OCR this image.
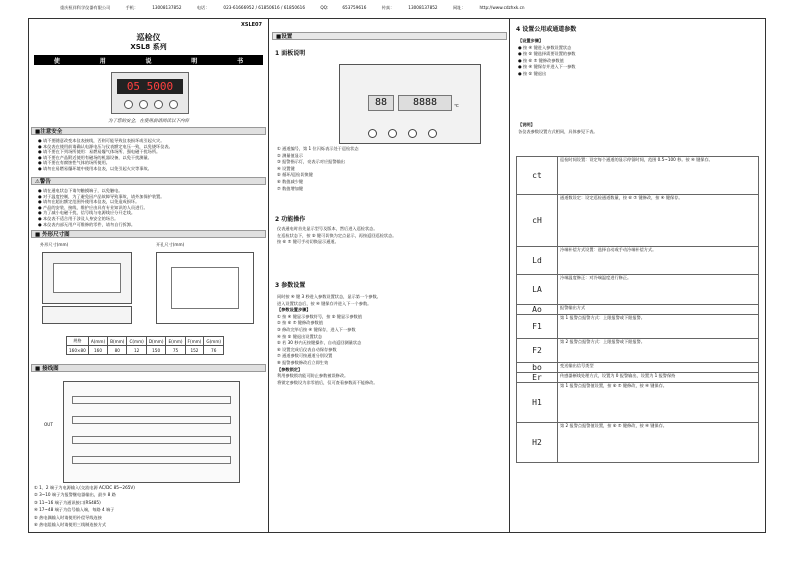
重庆桓祥科学仪器有限公司	手机：	13008137852	电话：	023-61666952 / 61850616 / 61850616	QQ:	653759616	传真：	13008137852	网址：	http://www.cdzhxk.cn
XSLE07
巡检仪
XSL8 系列
使	用	说	明	书
05 5000
为了您的安全，在使用前请阅读以下内容
■注意安全
● 请不要随意改变本仪表接线，否则可能导致仪表损坏或引起火灾。
● 本仪表在使用前请确认电源电压与仪表额定电压一致，以免烧坏仪表。
● 请不要在下列场所使用：易燃易爆气体场所、强电磁干扰场所。
● 请不要在产品附近使用有磁场的机器设备，以免干扰测量。
● 请不要在有腐蚀性气体的场所使用。
● 请勿在易燃易爆环境中使用本仪表，以免引起火灾等事故。
⚠警告
● 请在通电状态下请勿触摸端子，以免触电。
● 对于温度控制，为了避免因产品故障导致事故，请外加保护装置。
● 请勿在超出额定范围外使用本仪表，以免造成损坏。
● 产品的安装、接线、维护应由具有专业知识的人员进行。
● 为了减小电磁干扰，信号线与电源线应分开走线。
● 本仪表不适合用于涉及人身安全的场合。
● 本仪表内部无用户可维修的零件，请勿自行拆卸。
■ 外形尺寸图
外形尺寸(mm)	开孔尺寸(mm)
规格	A(mm)	B(mm)	C(mm)	D(mm)	E(mm)	F(mm)	G(mm)
160×80	160	80	12	150	75	152	76
■ 接线图
OUT
① 1、2 端子为电源输入(交流电源 AC/DC 85~265V)
② 3~10 端子为报警继电器输出，最多 8 路
③ 11~16 端子为通讯接口(RS485)
④ 17~48 端子为信号输入端，每路 4 端子
⑤ 热电偶输入时请使用补偿导线连接
⑥ 热电阻输入时请使用三线制连接方式
■设置
1 面板说明
88	8888	℃
① 通道编号，第 1 位闪烁表示处于巡检状态
② 测量值显示
③ 报警指示灯，亮表示对应报警输出
④ 设置键
⑤ 循环/巡检切换键
⑥ 数值减少键
⑦ 数值增加键
2 功能操作
仪表通电时首先显示型号及版本，然后进入巡检状态。
在巡检状态下，按 ⑤ 键可切换为定点显示，再按返回巡检状态。
按 ⑥ ⑦ 键可手动切换显示通道。
3 参数设置
同时按 ④ 键 3 秒进入参数设置状态，显示第一个参数。
进入设置状态后，按 ④ 键保存并进入下一个参数。
【参数设置步骤】
① 按 ④ 键显示参数符号，按 ⑤ 键显示参数值
② 按 ⑥ ⑦ 键修改参数值
③ 修改完毕后按 ④ 键保存，进入下一参数
④ 按 ⑤ 键退出设置状态
⑤ 若 30 秒内无按键操作，自动返回测量状态
⑥ 设置完成后仪表自动保存参数
⑦ 通道参数可按通道分别设置
⑧ 报警参数修改后立即生效
【参数锁定】
利用参数锁功能可防止参数被误修改。
将锁定参数设为非零值后，仅可查看参数而不能修改。
4 设置公用或通道参数
【设置步骤】
● 按 ④ 键进入参数设置状态
● 按 ⑤ 键选择需要设置的参数
● 按 ⑥ ⑦ 键修改参数值
● 按 ④ 键保存并进入下一参数
● 按 ⑤ 键退出
【说明】
各仪表参数设置方式相同，具体参见下表。
ct	巡检时间设置：设定每个通道的显示停留时间，范围 0.5~100 秒。按 ④ 键保存。
cH	通道数设定：设定巡检通道数量，按 ⑥ ⑦ 键修改，按 ④ 键保存。
Ld	冷端补偿方式设置：选择自动或手动冷端补偿方式。
LA	冷端温度修正：对冷端温度进行修正。
Ao	报警输出方式
F1	第 1 报警点报警方式：上限报警或下限报警。
F2	第 2 报警点报警方式：上限报警或下限报警。
bo	变送输出信号类型
Er	传感器断线处理方式，设置为 0 报警输出，设置为 1 报警保持
H1	第 1 报警点报警值设置，按 ⑥ ⑦ 键修改，按 ④ 键保存。
H2	第 2 报警点报警值设置，按 ⑥ ⑦ 键修改，按 ④ 键保存。
